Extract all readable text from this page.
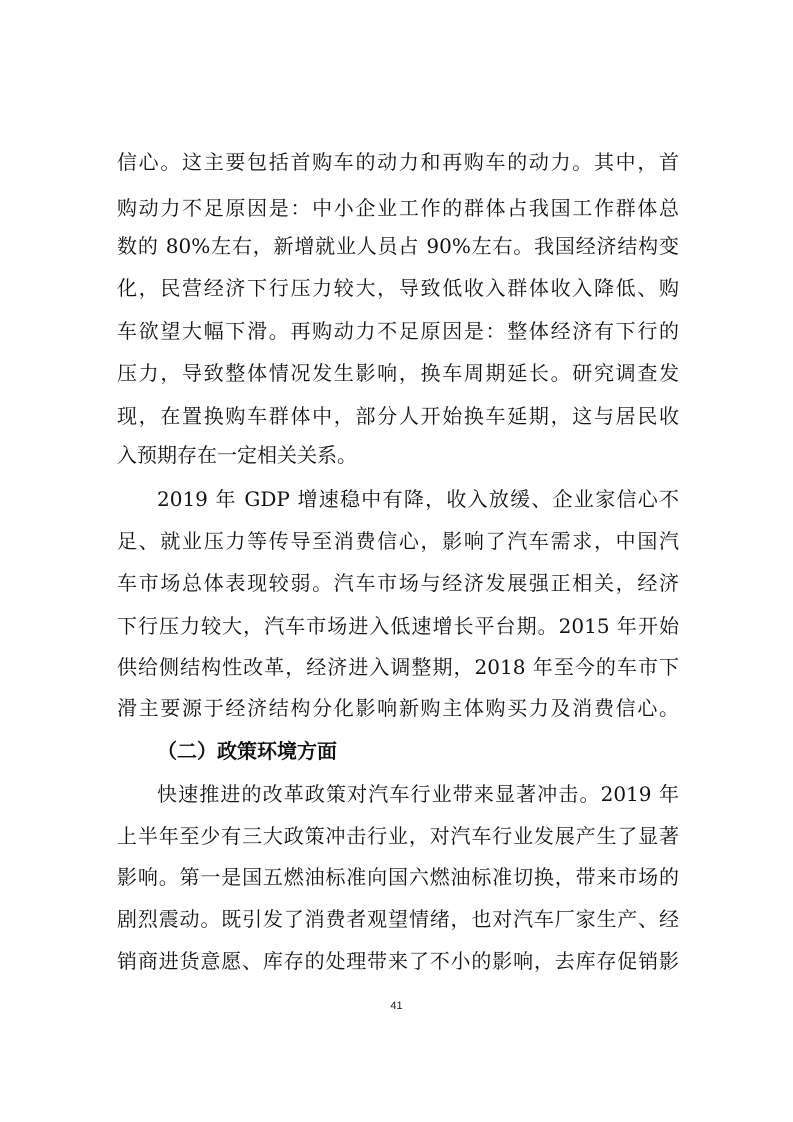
信心。这主要包括首购车的动力和再购车的动力。其中，首
购动力不足原因是：中小企业工作的群体占我国工作群体总
数的 80%左右，新增就业人员占 90%左右。我国经济结构变
化，民营经济下行压力较大，导致低收入群体收入降低、购
车欲望大幅下滑。再购动力不足原因是：整体经济有下行的
压力，导致整体情况发生影响，换车周期延长。研究调查发
现，在置换购车群体中，部分人开始换车延期，这与居民收
入预期存在一定相关关系。
2019 年 GDP 增速稳中有降，收入放缓、企业家信心不
足、就业压力等传导至消费信心，影响了汽车需求，中国汽
车市场总体表现较弱。汽车市场与经济发展强正相关，经济
下行压力较大，汽车市场进入低速增长平台期。2015 年开始
供给侧结构性改革，经济进入调整期，2018 年至今的车市下
滑主要源于经济结构分化影响新购主体购买力及消费信心。
（二）政策环境方面
快速推进的改革政策对汽车行业带来显著冲击。2019 年
上半年至少有三大政策冲击行业，对汽车行业发展产生了显著
影响。第一是国五燃油标准向国六燃油标准切换，带来市场的
剧烈震动。既引发了消费者观望情绪，也对汽车厂家生产、经
销商进货意愿、库存的处理带来了不小的影响，去库存促销影
41
